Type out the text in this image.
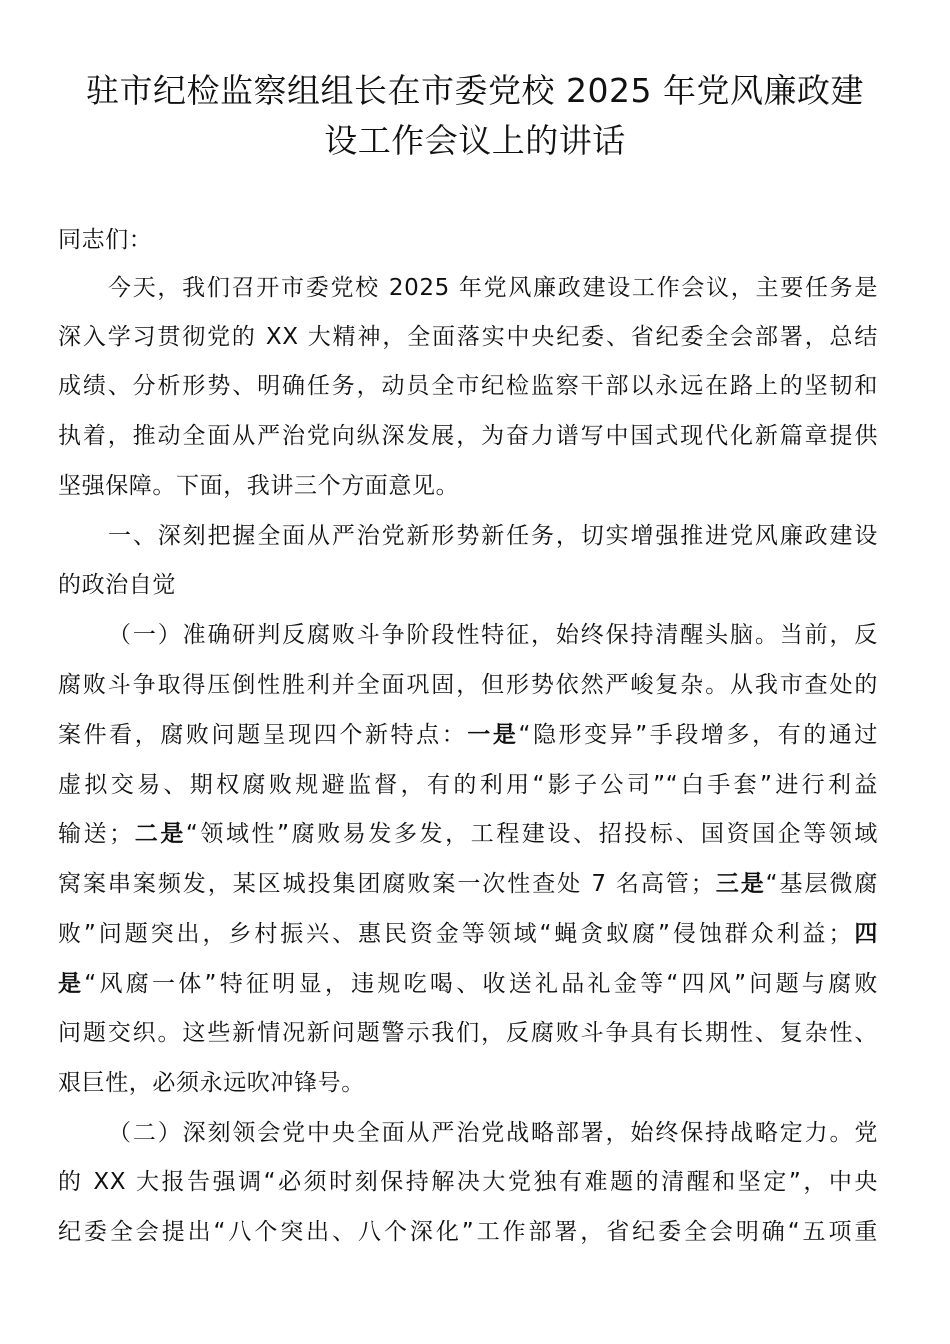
驻市纪检监察组组长在市委党校 2025 年党风廉政建
设工作会议上的讲话

同志们：

今天，我们召开市委党校 2025 年党风廉政建设工作会议，主要任务是

深入学习贯彻党的 XX 大精神，全面落实中央纪委、省纪委全会部署，总结

成绩、分析形势、明确任务，动员全市纪检监察干部以永远在路上的坚韧和

执着，推动全面从严治党向纵深发展，为奋力谱写中国式现代化新篇章提供

坚强保障。下面，我讲三个方面意见。

一、深刻把握全面从严治党新形势新任务，切实增强推进党风廉政建设

的政治自觉

（一）准确研判反腐败斗争阶段性特征，始终保持清醒头脑。当前，反

腐败斗争取得压倒性胜利并全面巩固，但形势依然严峻复杂。从我市查处的

案件看，腐败问题呈现四个新特点：一是“隐形变异”手段增多，有的通过

虚拟交易、期权腐败规避监督，有的利用“影子公司”“白手套”进行利益

输送；二是“领域性”腐败易发多发，工程建设、招投标、国资国企等领域

窝案串案频发，某区城投集团腐败案一次性查处 7 名高管；三是“基层微腐

败”问题突出，乡村振兴、惠民资金等领域“蝇贪蚁腐”侵蚀群众利益；四

是“风腐一体”特征明显，违规吃喝、收送礼品礼金等“四风”问题与腐败

问题交织。这些新情况新问题警示我们，反腐败斗争具有长期性、复杂性、

艰巨性，必须永远吹冲锋号。

（二）深刻领会党中央全面从严治党战略部署，始终保持战略定力。党

的 XX 大报告强调“必须时刻保持解决大党独有难题的清醒和坚定”，中央

纪委全会提出“八个突出、八个深化”工作部署，省纪委全会明确“五项重
